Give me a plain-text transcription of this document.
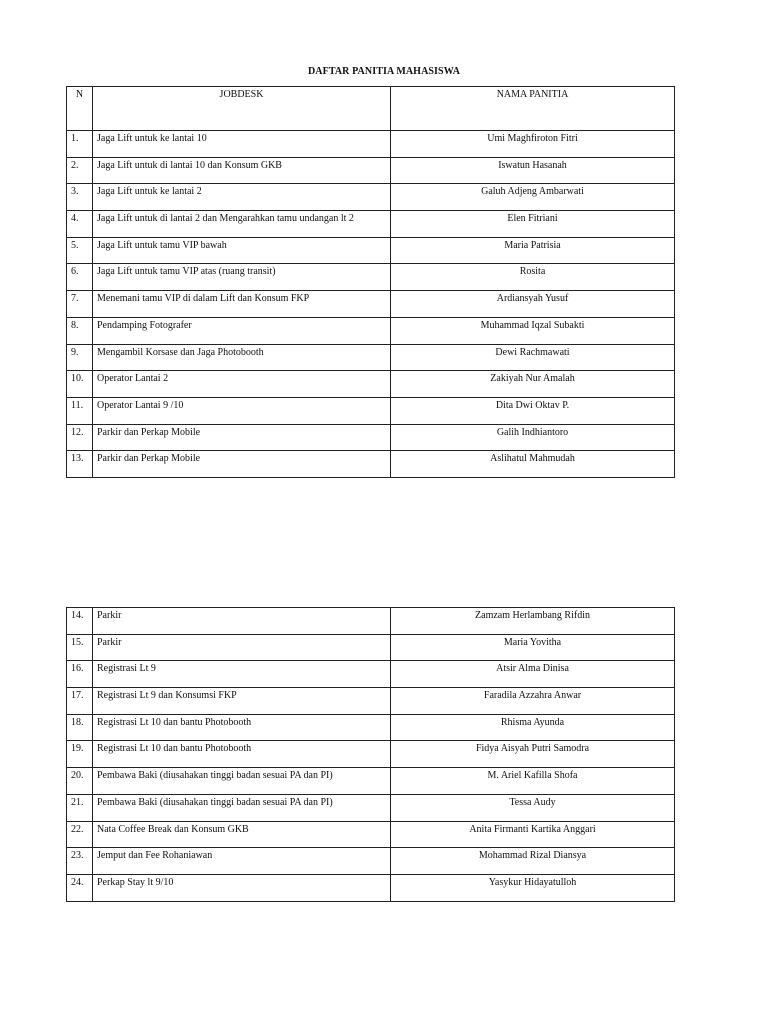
DAFTAR PANITIA MAHASISWA
N	JOBDESK	NAMA PANITIA
1.	Jaga Lift untuk ke lantai 10	Umi Maghfiroton Fitri
2.	Jaga Lift untuk di lantai 10 dan Konsum GKB	Iswatun Hasanah
3.	Jaga Lift untuk ke lantai 2	Galuh Adjeng Ambarwati
4.	Jaga Lift untuk di lantai 2 dan Mengarahkan tamu undangan lt 2	Elen Fitriani
5.	Jaga Lift untuk tamu VIP bawah	Maria Patrisia
6.	Jaga Lift untuk tamu VIP atas (ruang transit)	Rosita
7.	Menemani tamu VIP di dalam Lift dan Konsum FKP	Ardiansyah Yusuf
8.	Pendamping Fotografer	Muhammad Iqzal Subakti
9.	Mengambil Korsase dan Jaga Photobooth	Dewi Rachmawati
10.	Operator Lantai 2	Zakiyah Nur Amalah
11.	Operator Lantai 9 /10	Dita Dwi Oktav P.
12.	Parkir dan Perkap Mobile	Galih Indhiantoro
13.	Parkir dan Perkap Mobile	Aslihatul Mahmudah
14.	Parkir	Zamzam Herlambang Rifdin
15.	Parkir	Maria Yovitha
16.	Registrasi Lt 9	Atsir Alma Dinisa
17.	Registrasi Lt 9 dan Konsumsi FKP	Faradila Azzahra Anwar
18.	Registrasi Lt 10 dan bantu Photobooth	Rhisma Ayunda
19.	Registrasi Lt 10 dan bantu Photobooth	Fidya Aisyah Putri Samodra
20.	Pembawa Baki (diusahakan tinggi badan sesuai PA dan PI)	M. Ariel Kafilla Shofa
21.	Pembawa Baki (diusahakan tinggi badan sesuai PA dan PI)	Tessa Audy
22.	Nata Coffee Break dan Konsum GKB	Anita Firmanti Kartika Anggari
23.	Jemput dan Fee Rohaniawan	Mohammad Rizal Diansya
24.	Perkap Stay lt 9/10	Yasykur Hidayatulloh
